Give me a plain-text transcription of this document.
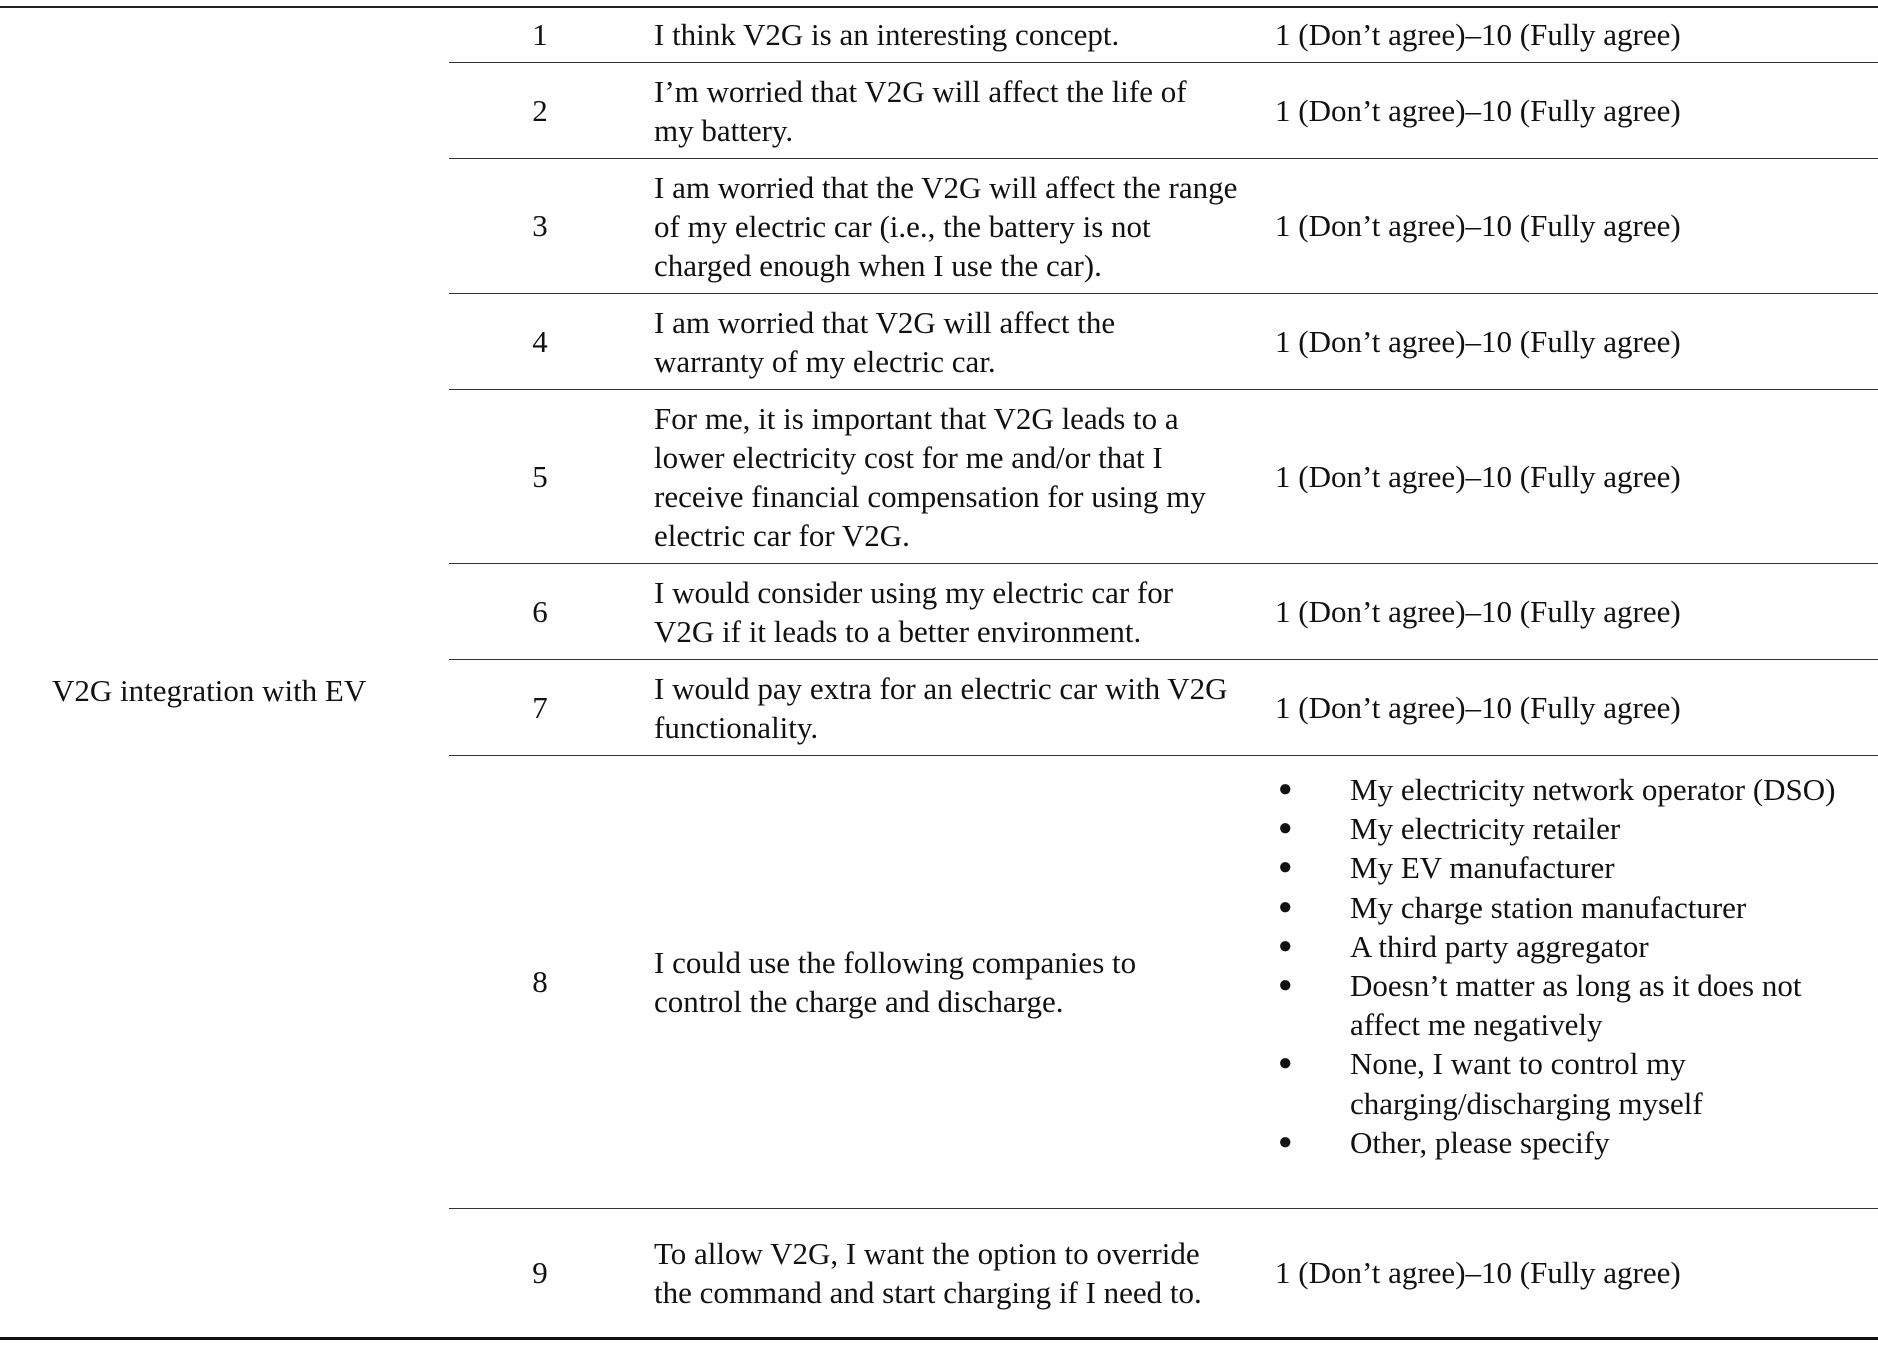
V2G integration with EV
1	I think V2G is an interesting concept.	1 (Don’t agree)–10 (Fully agree)
2
I’m worried that V2G will affect the life of my battery.
1 (Don’t agree)–10 (Fully agree)
3
I am worried that the V2G will affect the range of my electric car (i.e., the battery is not charged enough when I use the car).
1 (Don’t agree)–10 (Fully agree)
4
I am worried that V2G will affect the warranty of my electric car.
1 (Don’t agree)–10 (Fully agree)
5
For me, it is important that V2G leads to a lower electricity cost for me and/or that I receive financial compensation for using my electric car for V2G.
1 (Don’t agree)–10 (Fully agree)
6
I would consider using my electric car for V2G if it leads to a better environment.
1 (Don’t agree)–10 (Fully agree)
7
I would pay extra for an electric car with V2G functionality.
1 (Don’t agree)–10 (Fully agree)
8
I could use the following companies to control the charge and discharge.
● My electricity network operator (DSO)
● My electricity retailer
● My EV manufacturer
● My charge station manufacturer
● A third party aggregator
● Doesn’t matter as long as it does not affect me negatively
● None, I want to control my charging/discharging myself
● Other, please specify
9
To allow V2G, I want the option to override the command and start charging if I need to.
1 (Don’t agree)–10 (Fully agree)
